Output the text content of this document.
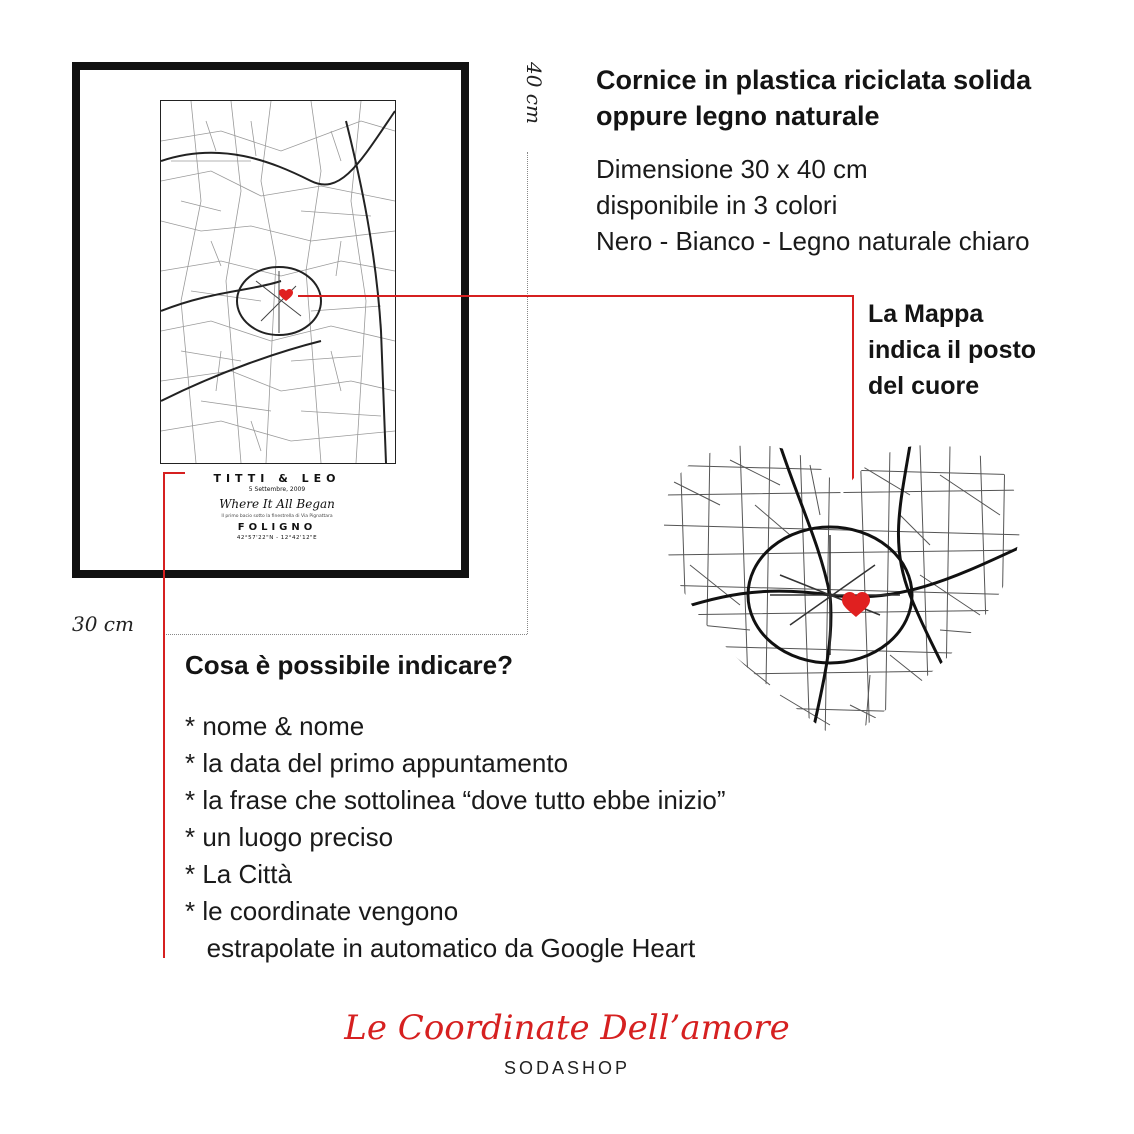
TITTI & LEO
5 Settembre, 2009
Where It All Began
Il primo bacio sotto la finestrella di Via Pignattara
FOLIGNO
42°57'22"N - 12°42'12"E
40 cm
30 cm
Cornice in plastica riciclata solida
oppure legno naturale
Dimensione 30 x 40 cm
disponibile in 3 colori
Nero - Bianco - Legno naturale chiaro
La Mappa
indica il posto
del cuore
Cosa è possibile indicare?
* nome & nome
* la data del primo appuntamento
* la frase che sottolinea “dove tutto ebbe inizio”
* un luogo preciso
* La Città
* le coordinate vengono
estrapolate in automatico da Google Heart
Le Coordinate Dell’amore
SODASHOP
